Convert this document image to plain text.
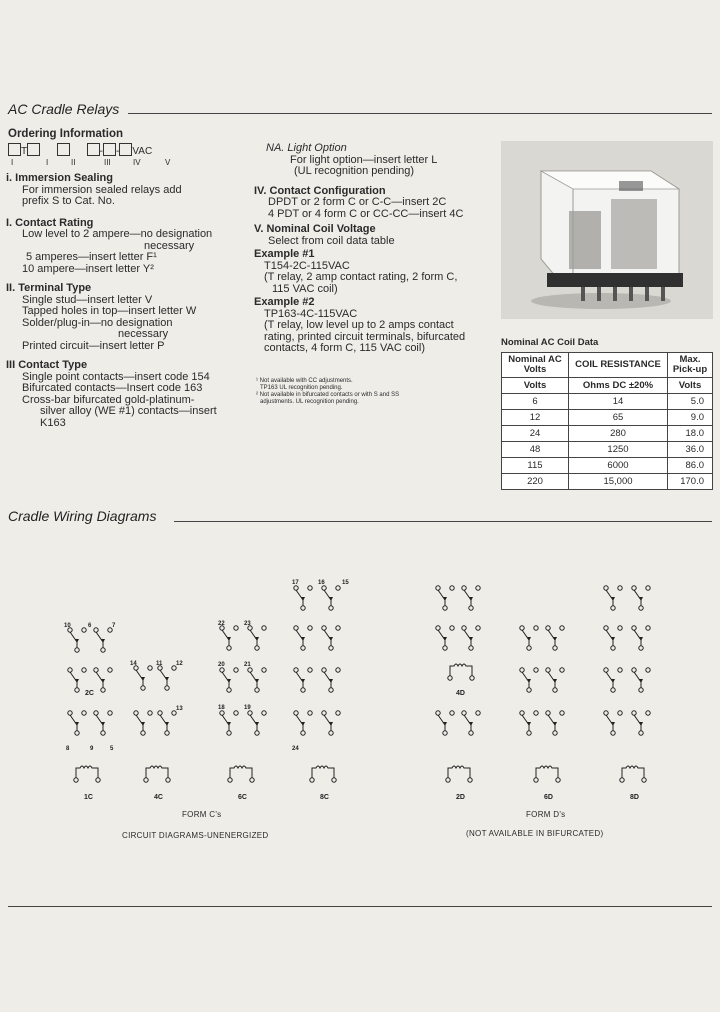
AC Cradle Relays
Ordering Information
T	- - VAC
I	I	II	III	IV	V
i. Immersion Sealing
For immersion sealed relays add
prefix S to Cat. No.
I. Contact Rating
Low level to 2 ampere—no designation
necessary
5 amperes—insert letter F¹
10 ampere—insert letter Y²
II. Terminal Type
Single stud—insert letter V
Tapped holes in top—insert letter W
Solder/plug-in—no designation
necessary
Printed circuit—insert letter P
III Contact Type
Single point contacts—insert code 154
Bifurcated contacts—Insert code 163
Cross-bar bifurcated gold-platinum-
silver alloy (WE #1) contacts—insert
K163
NA. Light Option
For light option—insert letter L
(UL recognition pending)
IV. Contact Configuration
DPDT or 2 form C or C-C—insert 2C
4 PDT or 4 form C or CC-CC—insert 4C
V. Nominal Coil Voltage
Select from coil data table
Example #1
T154-2C-115VAC
(T relay, 2 amp contact rating, 2 form C,
115 VAC coil)
Example #2
TP163-4C-115VAC
(T relay, low level up to 2 amps contact
rating, printed circuit terminals, bifurcated
contacts, 4 form C, 115 VAC coil)
¹ Not available with CC adjustments.
TP163 UL recognition pending.
² Not available in bifurcated contacts or with S and SS
adjustments. UL recognition pending.
Nominal AC Coil Data
Nominal AC Volts	COIL RESISTANCE	Max. Pick-up
Volts	Ohms DC ±20%	Volts
6	14	5.0
12	65	9.0
24	280	18.0
48	1250	36.0
115	6000	86.0
220	15,000	170.0
Cradle Wiring Diagrams
10	6	7
8	9	5
14	11 12
13
22	23
20	21
18	19
17	16	15
24
2C
1C	4C	6C	8C	2D
4D
6D	8D
FORM C's	FORM D's
CIRCUIT DIAGRAMS-UNENERGIZED	(NOT AVAILABLE IN BIFURCATED)
